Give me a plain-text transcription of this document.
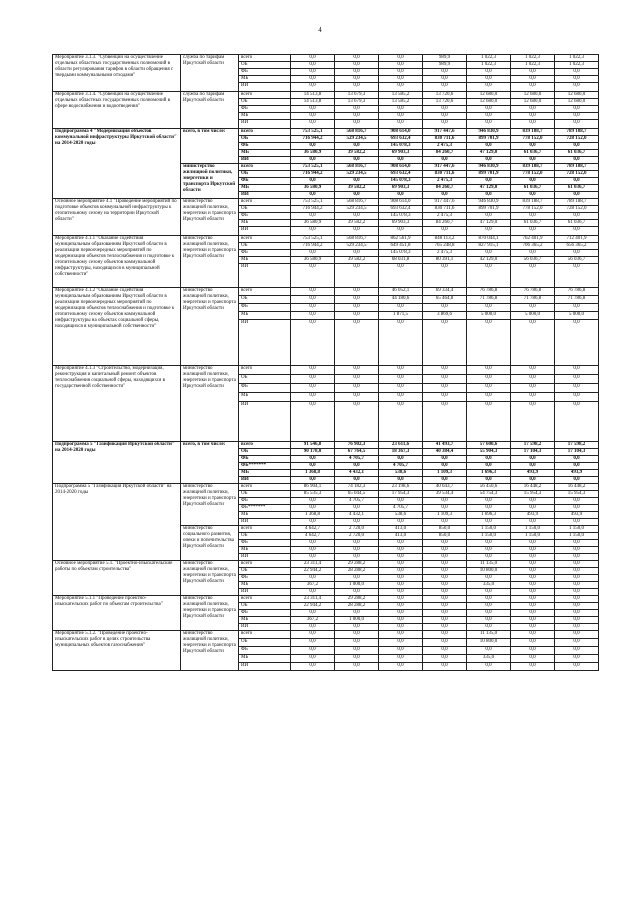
4
Мероприятие 3.1.3. "Субвенции на осуществление отдельных областных государственных полномочий в области регулирования тарифов в области обращения с твердыми коммунальными отходами"	служба по тарифам Иркутской области	всего	0,0	0,0	0,0	989,9	1 022,3	1 022,3	1 022,3
		ОБ	0,0	0,0	0,0	989,9	1 022,3	1 022,3	1 022,3
		ФБ	0,0	0,0	0,0	0,0	0,0	0,0	0,0
		МБ	0,0	0,0	0,0	0,0	0,0	0,0	0,0
		ИИ	0,0	0,0	0,0	0,0	0,0	0,0	0,0
Мероприятие 3.1.4. "Субвенции на осуществление отдельных областных государственных полномочий в сфере водоснабжения и водоотведения"	служба по тарифам Иркутской области	всего	14 513,8	13 679,3	13 585,2	13 720,6	12 680,0	12 680,0	12 680,0
		ОБ	14 513,8	13 679,3	13 585,2	13 720,6	12 680,0	12 680,0	12 680,0
		ФБ	0,0	0,0	0,0	0,0	0,0	0,0	0,0
		МБ	0,0	0,0	0,0	0,0	0,0	0,0	0,0
		ИИ	0,0	0,0	0,0	0,0	0,0	0,0	0,0
Подпрограмма 4 "Модернизация объектов коммунальной инфраструктуры Иркутской области" на 2014-2020 годы	всего, в том числе:	всего	753 525,1	568 816,7	908 614,0	917 447,6	946 830,9	839 188,7	789 188,7
		ОБ	716 944,2	529 234,5	693 632,4	830 711,6	899 701,9	778 152,0	728 152,0
		ФБ	0,0	0,0	145 078,3	2 475,3	0,0	0,0	0,0
		МБ	36 580,9	39 582,2	69 903,3	84 260,7	47 129,0	61 036,7	61 036,7
		ИИ	0,0	0,0	0,0	0,0	0,0	0,0	0,0
	министерство жилищной политики, энергетики и транспорта Иркутской области	всего	753 525,1	568 816,7	908 614,0	917 447,6	946 830,9	839 188,7	789 188,7
		ОБ	716 944,2	529 234,5	693 632,4	830 711,6	899 701,9	778 152,0	728 152,0
		ФБ	0,0	0,0	145 078,3	2 475,3	0,0	0,0	0,0
		МБ	36 580,9	39 582,2	69 903,3	84 260,7	47 129,0	61 036,7	61 036,7
		ИИ	0,0	0,0	0,0	0,0	0,0	0,0	0,0
Основное мероприятие 4.1 "Проведение мероприятий по подготовке объектов коммунальной инфраструктуры к отопительному сезону на территории Иркутской области"	министерство жилищной политики, энергетики и транспорта Иркутской области	всего	753 525,1	568 816,7	908 614,0	917 447,6	946 830,9	839 188,7	789 188,7
		ОБ	716 944,2	529 234,5	693 632,4	830 711,6	899 701,9	778 152,0	728 152,0
		ФБ	0,0	0,0	145 078,3	2 475,3	0,0	0,0	0,0
		МБ	36 580,9	39 582,2	69 903,3	84 260,7	47 129,0	61 036,7	61 036,7
		ИИ	0,0	0,0	0,0	0,0	0,0	0,0	0,0
Мероприятие 4.1.1 "Оказание содействия муниципальным образованиям Иркутской области в реализации первоочередных мероприятий по модернизации объектов теплоснабжения и подготовке к отопительному сезону объектов коммунальной инфраструктуры, находящихся в муниципальной собственности"	министерство жилищной политики, энергетики и транспорта Иркутской области	всего	753 525,1	568 816,7	862 561,9	848 113,2	870 044,1	762 401,9	712 401,9
		ОБ	716 944,2	529 234,5	649 451,8	765 248,8	827 915,1	706 365,2	656 365,2
		ФБ	0,0	0,0	145 078,3	2 475,3	0,0	0,0	0,0
		МБ	36 580,9	39 582,2	68 031,8	80 391,1	42 129,0	56 036,7	56 036,7
		ИИ	0,0	0,0	0,0	0,0	0,0	0,0	0,0
Мероприятие 4.1.2 "Оказание содействия муниципальным образованиям Иркутской области в реализации первоочередных мероприятий по модернизации объектов теплоснабжения и подготовке к отопительному сезону объектов коммунальной инфраструктуры на объектах социальной сферы, находящихся в муниципальной собственности"	министерство жилищной политики, энергетики и транспорта Иркутской области	всего	0,0	0,0	46 052,1	69 334,4	76 786,8	76 786,8	76 786,8
		ОБ	0,0	0,0	44 180,6	65 464,8	71 786,8	71 786,8	71 786,8
		ФБ	0,0	0,0	0,0	0,0	0,0	0,0	0,0
		МБ	0,0	0,0	1 871,5	3 869,6	5 000,0	5 000,0	5 000,0
		ИИ	0,0	0,0	0,0	0,0	0,0	0,0	0,0
Мероприятие 4.1.3 "Строительство, модернизация, реконструкция и капитальный ремонт объектов теплоснабжения социальной сферы, находящихся в государственной собственности"	министерство жилищной политики, энергетики и транспорта Иркутской области	всего	0,0	0,0	0,0	0,0	0,0	0,0	0,0
		ОБ	0,0	0,0	0,0	0,0	0,0	0,0	0,0
		ФБ	0,0	0,0	0,0	0,0	0,0	0,0	0,0
		МБ	0,0	0,0	0,0	0,0	0,0	0,0	0,0
		ИИ	0,0	0,0	0,0	0,0	0,0	0,0	0,0
Подпрограмма 5 "Газификация Иркутской области" на 2014-2020 годы	всего, в том числе:	всего	91 546,8	76 902,3	23 611,6	41 493,7	57 600,6	17 598,2	17 598,2
		ОБ	90 178,0	67 764,5	18 367,3	40 384,4	55 904,3	17 104,3	17 104,3
		ФБ	0,0	4 705,7	0,0	0,0	0,0	0,0	0,0
		ФБ*******	0,0	0,0	4 705,7	0,0	0,0	0,0	0,0
		МБ	1 368,8	4 432,1	538,6	1 109,3	1 696,3	493,9	493,9
		ИИ	0,0	0,0	0,0	0,0	0,0	0,0	0,0
Подпрограмма 5 "Газификация Иркутской области" на 2014-2020 годы	министерство жилищной политики, энергетики и транспорта Иркутской области	всего	86 904,1	74 182,3	23 198,6	40 643,7	56 450,6	16 448,2	16 448,2
		ОБ	85 535,3	65 044,5	17 954,3	39 534,4	54 754,3	15 954,3	15 954,3
		ФБ	0,0	4 705,7	0,0	0,0	0,0	0,0	0,0
		ФБ*******	0,0	0,0	4 705,7	0,0	0,0	0,0	0,0
		МБ	1 368,8	4 432,1	538,6	1 109,3	1 696,3	493,9	493,9
		ИИ	0,0	0,0	0,0	0,0	0,0	0,0	0,0
	министерство социального развития, опеки и попечительства Иркутской области	всего	4 642,7	2 720,0	413,0	850,0	1 150,0	1 150,0	1 150,0
		ОБ	4 642,7	2 720,0	413,0	850,0	1 150,0	1 150,0	1 150,0
		ФБ	0,0	0,0	0,0	0,0	0,0	0,0	0,0
		МБ	0,0	0,0	0,0	0,0	0,0	0,0	0,0
		ИИ	0,0	0,0	0,0	0,0	0,0	0,0	0,0
Основное мероприятие 5.1. "Проектно-изыскательские работы по объектам строительства"	министерство жилищной политики, энергетики и транспорта Иркутской области	всего	23 311,4	29 288,2	0,0	0,0	11 135,0	0,0	0,0
		ОБ	22 944,2	28 288,2	0,0	0,0	10 800,0	0,0	0,0
		ФБ	0,0	0,0	0,0	0,0	0,0	0,0	0,0
		МБ	367,2	1 000,0	0,0	0,0	335,0	0,0	0,0
		ИИ	0,0	0,0	0,0	0,0	0,0	0,0	0,0
Мероприятие 5.1.1 "Проведение проектно-изыскательских работ по объектам строительства"	министерство жилищной политики, энергетики и транспорта Иркутской области	всего	23 311,4	29 288,2	0,0	0,0	0,0	0,0	0,0
		ОБ	22 944,2	28 288,2	0,0	0,0	0,0	0,0	0,0
		ФБ	0,0	0,0	0,0	0,0	0,0	0,0	0,0
		МБ	367,2	1 000,0	0,0	0,0	0,0	0,0	0,0
		ИИ	0,0	0,0	0,0	0,0	0,0	0,0	0,0
Мероприятие 5.1.2. "Проведение проектно-изыскательских работ в целях строительства муниципальных объектов газоснабжения"	министерство жилищной политики, энергетики и транспорта Иркутской области	всего	0,0	0,0	0,0	0,0	11 135,0	0,0	0,0
		ОБ	0,0	0,0	0,0	0,0	10 800,0	0,0	0,0
		ФБ	0,0	0,0	0,0	0,0	0,0	0,0	0,0
		МБ	0,0	0,0	0,0	0,0	335,0	0,0	0,0
		ИИ	0,0	0,0	0,0	0,0	0,0	0,0	0,0
